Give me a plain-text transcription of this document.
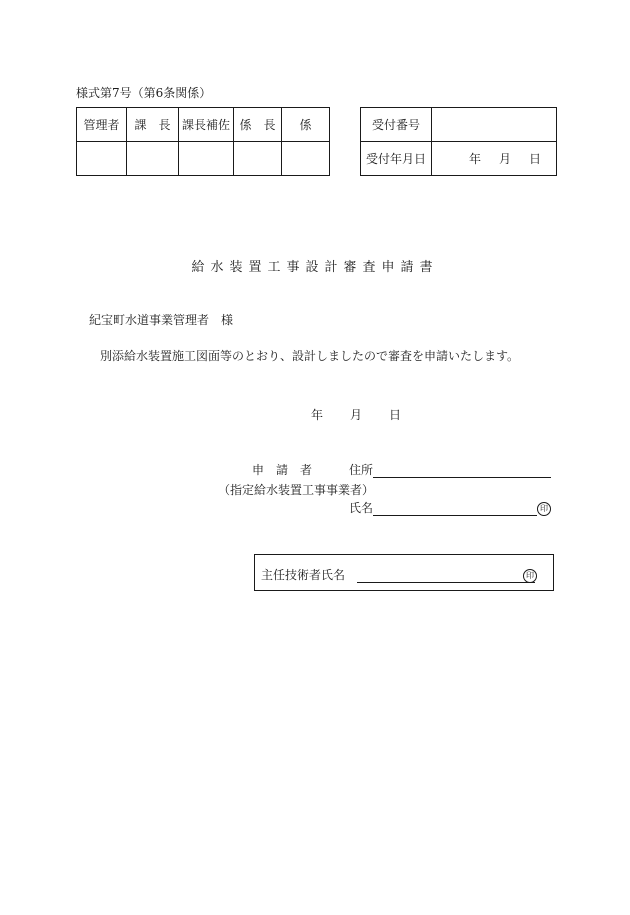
様式第7号（第6条関係）
管理者	課　長	課長補佐	係　長	係
					受付番号	
受付年月日	年 月 日
給水装置工事設計審査申請書
紀宝町水道事業管理者　様
別添給水装置施工図面等のとおり、設計しましたので審査を申請いたします。
年 月 日
申 請 者
（指定給水装置工事事業者）
住所
氏名	印
主任技術者氏名	印
